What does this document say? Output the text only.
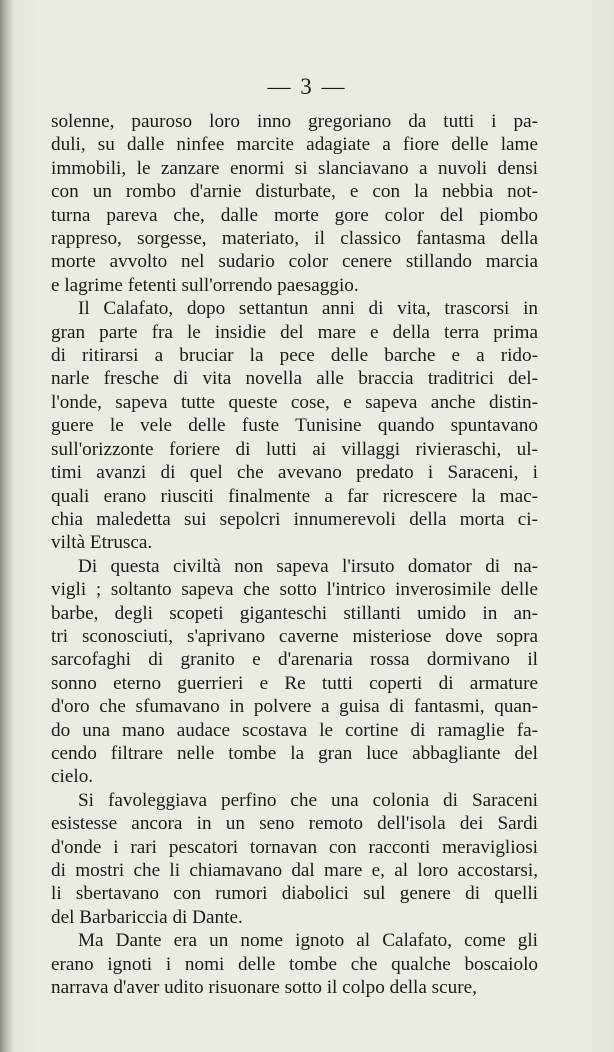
— 3 —

solenne, pauroso loro inno gregoriano da tutti i pa-
duli, su dalle ninfee marcite adagiate a fiore delle lame
immobili, le zanzare enormi si slanciavano a nuvoli densi
con un rombo d'arnie disturbate, e con la nebbia not-
turna pareva che, dalle morte gore color del piombo
rappreso, sorgesse, materiato, il classico fantasma della
morte avvolto nel sudario color cenere stillando marcia
e lagrime fetenti sull'orrendo paesaggio.

Il Calafato, dopo settantun anni di vita, trascorsi in
gran parte fra le insidie del mare e della terra prima
di ritirarsi a bruciar la pece delle barche e a rido-
narle fresche di vita novella alle braccia traditrici del-
l'onde, sapeva tutte queste cose, e sapeva anche distin-
guere le vele delle fuste Tunisine quando spuntavano
sull'orizzonte foriere di lutti ai villaggi rivieraschi, ul-
timi avanzi di quel che avevano predato i Saraceni, i
quali erano riusciti finalmente a far ricrescere la mac-
chia maledetta sui sepolcri innumerevoli della morta ci-
viltà Etrusca.

Di questa civiltà non sapeva l'irsuto domator di na-
vigli ; soltanto sapeva che sotto l'intrico inverosimile delle
barbe, degli scopeti giganteschi stillanti umido in an-
tri sconosciuti, s'aprivano caverne misteriose dove sopra
sarcofaghi di granito e d'arenaria rossa dormivano il
sonno eterno guerrieri e Re tutti coperti di armature
d'oro che sfumavano in polvere a guisa di fantasmi, quan-
do una mano audace scostava le cortine di ramaglie fa-
cendo filtrare nelle tombe la gran luce abbagliante del
cielo.

Si favoleggiava perfino che una colonia di Saraceni
esistesse ancora in un seno remoto dell'isola dei Sardi
d'onde i rari pescatori tornavan con racconti meravigliosi
di mostri che li chiamavano dal mare e, al loro accostarsi,
li sbertavano con rumori diabolici sul genere di quelli
del Barbariccia di Dante.

Ma Dante era un nome ignoto al Calafato, come gli
erano ignoti i nomi delle tombe che qualche boscaiolo
narrava d'aver udito risuonare sotto il colpo della scure,
